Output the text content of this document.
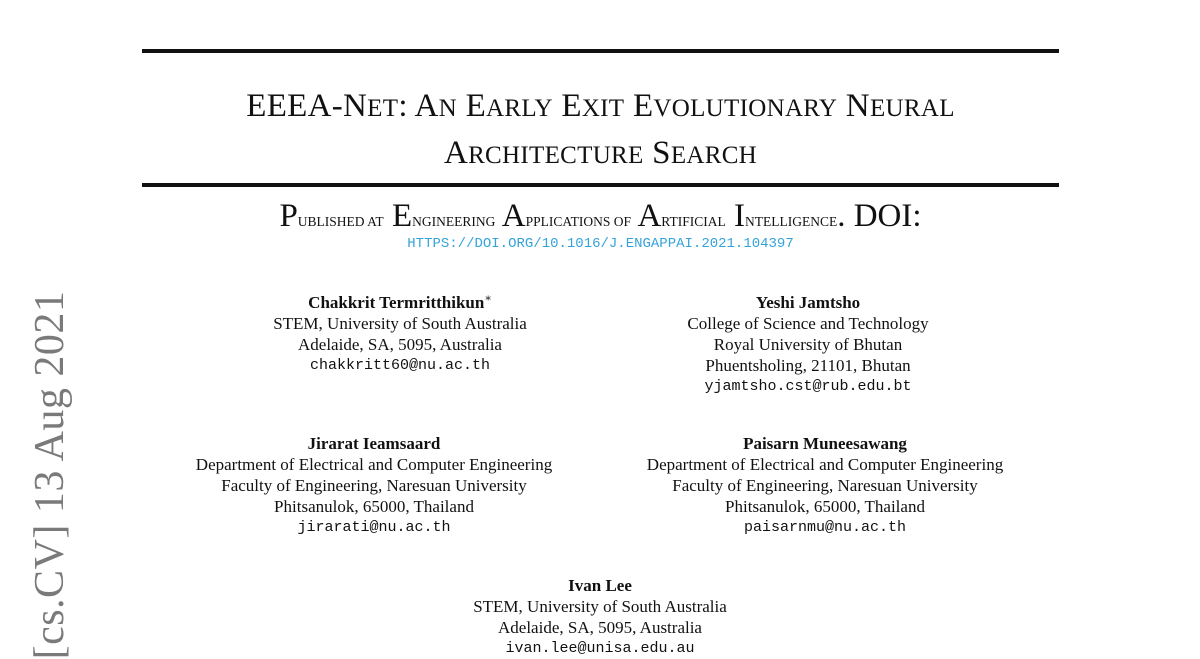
EEEA-NET: AN EARLY EXIT EVOLUTIONARY NEURAL
ARCHITECTURE SEARCH
PUBLISHED AT ENGINEERING APPLICATIONS OF ARTIFICIAL INTELLIGENCE. DOI:
HTTPS://DOI.ORG/10.1016/J.ENGAPPAI.2021.104397
Chakkrit Termritthikun∗
STEM, University of South Australia
Adelaide, SA, 5095, Australia
chakkritt60@nu.ac.th
Yeshi Jamtsho
College of Science and Technology
Royal University of Bhutan
Phuentsholing, 21101, Bhutan
yjamtsho.cst@rub.edu.bt
Jirarat Ieamsaard
Department of Electrical and Computer Engineering
Faculty of Engineering, Naresuan University
Phitsanulok, 65000, Thailand
jirarati@nu.ac.th
Paisarn Muneesawang
Department of Electrical and Computer Engineering
Faculty of Engineering, Naresuan University
Phitsanulok, 65000, Thailand
paisarnmu@nu.ac.th
Ivan Lee
STEM, University of South Australia
Adelaide, SA, 5095, Australia
ivan.lee@unisa.edu.au
[cs.CV] 13 Aug 2021
